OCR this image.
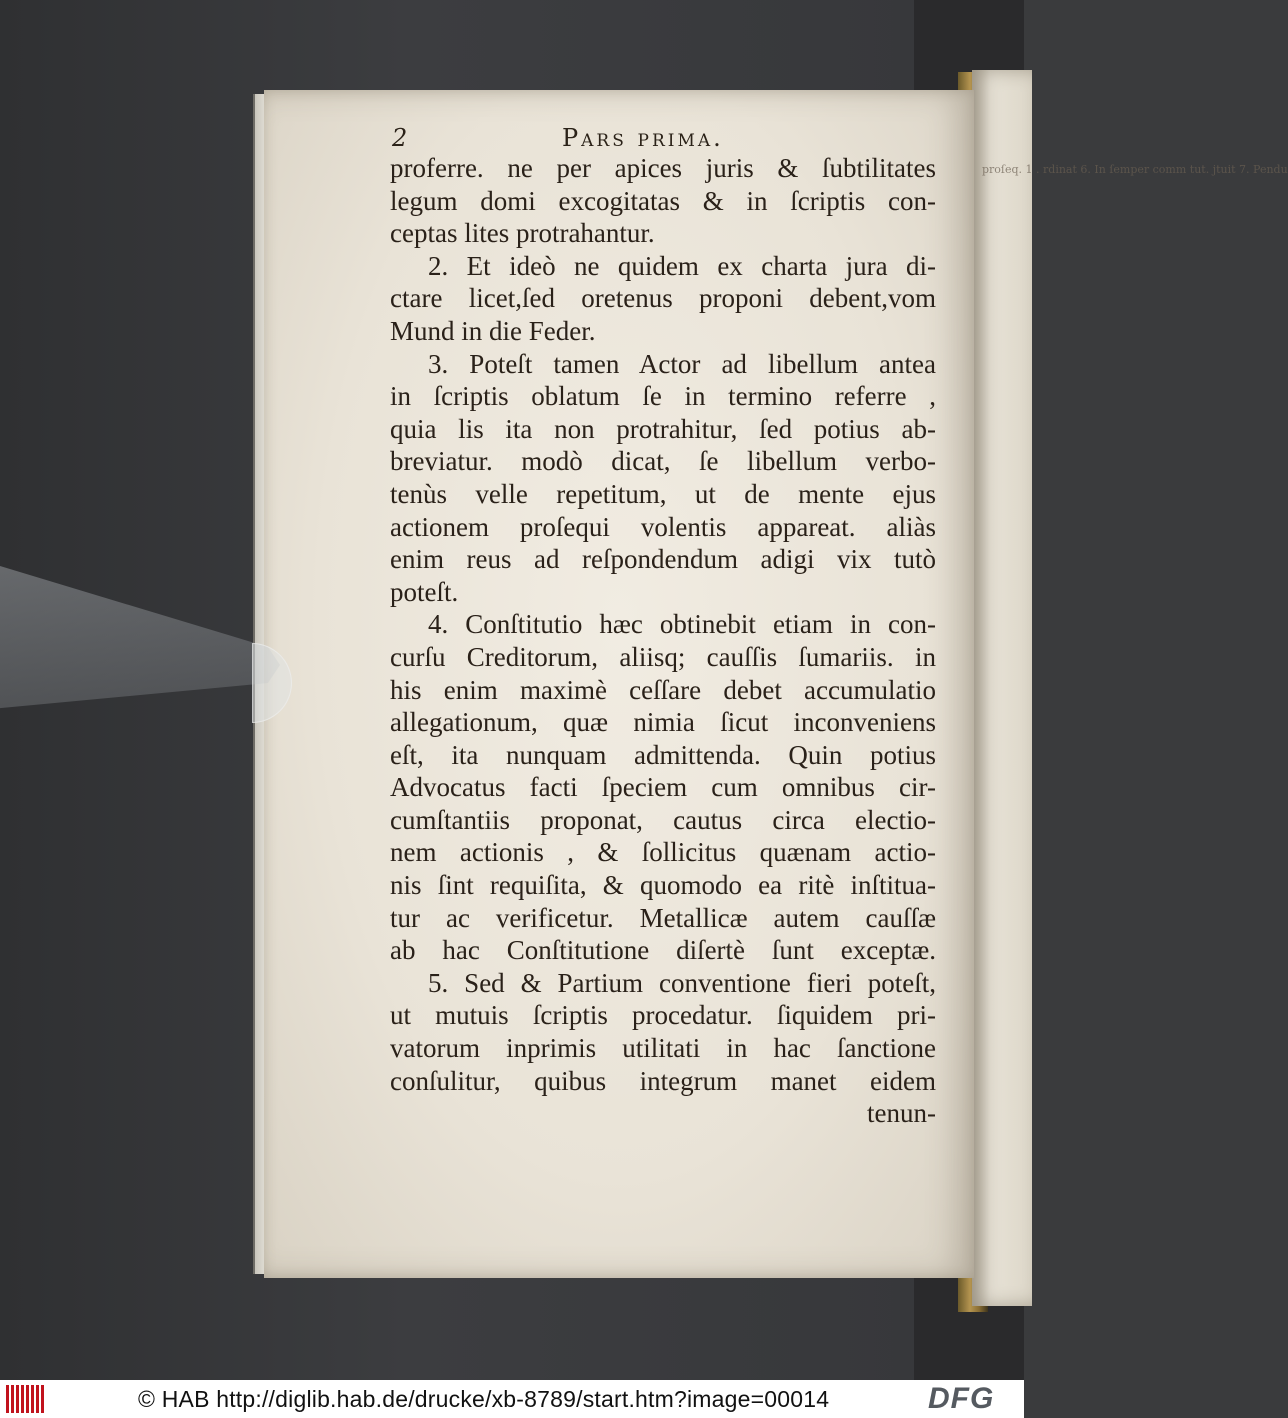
proſeq. 1 . rdinat 6. In ſemper comm tut. jtuit 7. Pendu
2	Pars prima.
proferre. ne per apices juris & ſubtilitates
legum domi excogitatas & in ſcriptis con-
ceptas lites protrahantur.
2. Et ideò ne quidem ex charta jura di-
ctare licet,ſed oretenus proponi debent,vom
Mund in die Feder.
3. Poteſt tamen Actor ad libellum antea
in ſcriptis oblatum ſe in termino referre ,
quia lis ita non protrahitur, ſed potius ab-
breviatur. modò dicat, ſe libellum verbo-
tenùs velle repetitum, ut de mente ejus
actionem proſequi volentis appareat. aliàs
enim reus ad reſpondendum adigi vix tutò
poteſt.
4. Conſtitutio hæc obtinebit etiam in con-
curſu Creditorum, aliisq; cauſſis ſumariis. in
his enim maximè ceſſare debet accumulatio
allegationum, quæ nimia ſicut inconveniens
eſt, ita nunquam admittenda. Quin potius
Advocatus facti ſpeciem cum omnibus cir-
cumſtantiis proponat, cautus circa electio-
nem actionis , & ſollicitus quænam actio-
nis ſint requiſita, & quomodo ea ritè inſtitua-
tur ac verificetur. Metallicæ autem cauſſæ
ab hac Conſtitutione diſertè ſunt exceptæ.
5. Sed & Partium conventione fieri poteſt,
ut mutuis ſcriptis procedatur. ſiquidem pri-
vatorum inprimis utilitati in hac ſanctione
conſulitur, quibus integrum manet eidem
tenun-
© HAB http://diglib.hab.de/drucke/xb-8789/start.htm?image=00014	DFG
